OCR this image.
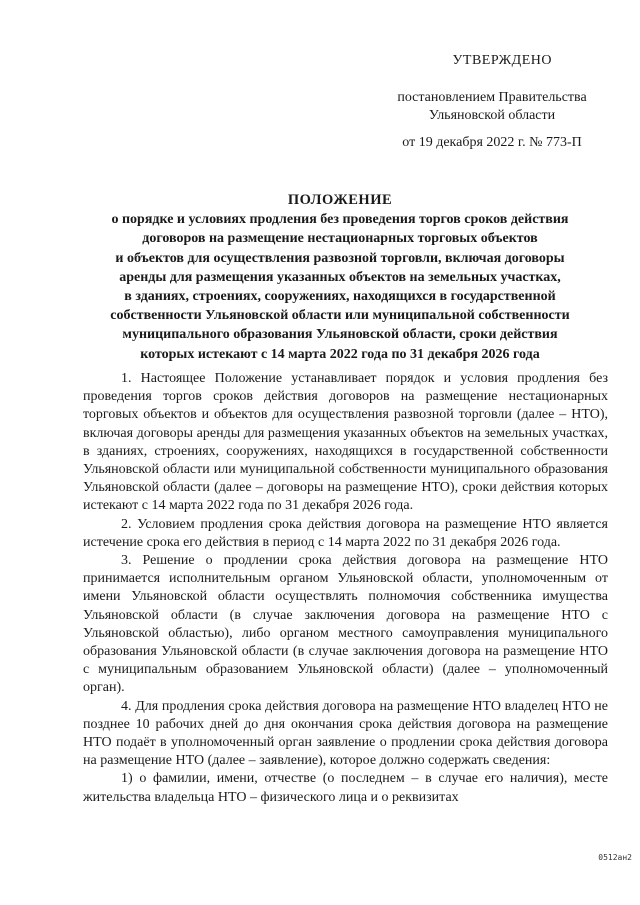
УТВЕРЖДЕНО
постановлением Правительства
Ульяновской области
от 19 декабря 2022 г. № 773-П
ПОЛОЖЕНИЕ
о порядке и условиях продления без проведения торгов сроков действия
договоров на размещение нестационарных торговых объектов
и объектов для осуществления развозной торговли, включая договоры
аренды для размещения указанных объектов на земельных участках,
в зданиях, строениях, сооружениях, находящихся в государственной
собственности Ульяновской области или муниципальной собственности
муниципального образования Ульяновской области, сроки действия
которых истекают с 14 марта 2022 года по 31 декабря 2026 года

1. Настоящее Положение устанавливает порядок и условия продления без проведения торгов сроков действия договоров на размещение нестационарных торговых объектов и объектов для осуществления развозной торговли (далее – НТО), включая договоры аренды для размещения указанных объектов на земельных участках, в зданиях, строениях, сооружениях, находящихся в государственной собственности Ульяновской области или муниципальной собственности муниципального образования Ульяновской области (далее – договоры на размещение НТО), сроки действия которых истекают с 14 марта 2022 года по 31 декабря 2026 года.

2. Условием продления срока действия договора на размещение НТО является истечение срока его действия в период с 14 марта 2022 по 31 декабря 2026 года.

3. Решение о продлении срока действия договора на размещение НТО принимается исполнительным органом Ульяновской области, уполномоченным от имени Ульяновской области осуществлять полномочия собственника имущества Ульяновской области (в случае заключения договора на размещение НТО с Ульяновской областью), либо органом местного самоуправления муниципального образования Ульяновской области (в случае заключения договора на размещение НТО с муниципальным образованием Ульяновской области) (далее – уполномоченный орган).

4. Для продления срока действия договора на размещение НТО владелец НТО не позднее 10 рабочих дней до дня окончания срока действия договора на размещение НТО подаёт в уполномоченный орган заявление о продлении срока действия договора на размещение НТО (далее – заявление), которое должно содержать сведения:

1) о фамилии, имени, отчестве (о последнем – в случае его наличия), месте жительства владельца НТО – физического лица и о реквизитах

0512ан2
